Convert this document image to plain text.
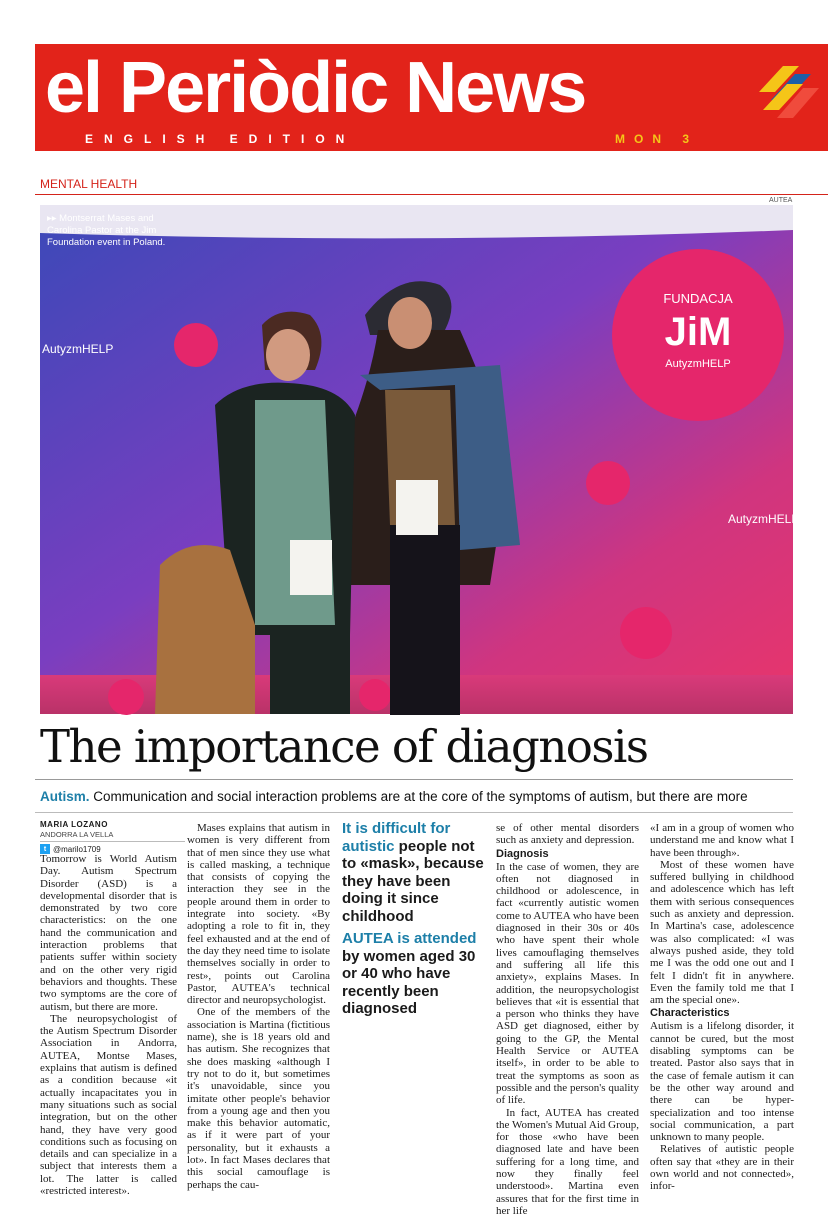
el Periòdic News
ENGLISH EDITION	MON 3
MENTAL HEALTH
AUTEA
FUNDACJA
JiM
AutyzmHELP
AutyzmHELP
AutyzmHELP
▸▸ Montserrat Mases and
Carolina Pastor at the Jim
Foundation event in Poland.
The importance of diagnosis
Autism. Communication and social interaction problems are at the core of the symptoms of autism, but there are more
MARIA LOZANO
ANDORRA LA VELLA
t @marilo1709

Tomorrow is World Autism Day. Autism Spectrum Disorder (ASD) is a developmental disorder that is demonstrated by two core characteristics: on the one hand the communication and interaction problems that patients suffer within society and on the other very rigid behaviors and thoughts. These two symptoms are the core of autism, but there are more.

The neuropsychologist of the Autism Spectrum Disorder Association in Andorra, AUTEA, Montse Mases, explains that autism is defined as a condition because «it actually incapacitates you in many situations such as social integration, but on the other hand, they have very good conditions such as focusing on details and can specialize in a subject that interests them a lot. The latter is called «restricted interest».

Mases explains that autism in women is very different from that of men since they use what is called masking, a technique that consists of copying the interaction they see in the people around them in order to integrate into society. «By adopting a role to fit in, they feel exhausted and at the end of the day they need time to isolate themselves socially in order to rest», points out Carolina Pastor, AUTEA's technical director and neuropsychologist.

One of the members of the association is Martina (fictitious name), she is 18 years old and has autism. She recognizes that she does masking «although I try not to do it, but sometimes it's unavoidable, since you imitate other people's behavior from a young age and then you make this behavior automatic, as if it were part of your personality, but it exhausts a lot». In fact Mases declares that this social camouflage is perhaps the cau-

It is difficult for autistic people not to «mask», because they have been doing it since childhood
AUTEA is attended by women aged 30 or 40 who have recently been diagnosed

se of other mental disorders such as anxiety and depression.

Diagnosis

In the case of women, they are often not diagnosed in childhood or adolescence, in fact «currently autistic women come to AUTEA who have been diagnosed in their 30s or 40s who have spent their whole lives camouflaging themselves and suffering all life this anxiety», explains Mases. In addition, the neuropsychologist believes that «it is essential that a person who thinks they have ASD get diagnosed, either by going to the GP, the Mental Health Service or AUTEA itself», in order to be able to treat the symptoms as soon as possible and the person's quality of life.

In fact, AUTEA has created the Women's Mutual Aid Group, for those «who have been diagnosed late and have been suffering for a long time, and now they finally feel understood». Martina even assures that for the first time in her life

«I am in a group of women who understand me and know what I have been through».

Most of these women have suffered bullying in childhood and adolescence which has left them with serious consequences such as anxiety and depression. In Martina's case, adolescence was also complicated: «I was always pushed aside, they told me I was the odd one out and I felt I didn't fit in anywhere. Even the family told me that I am the special one».

Characteristics

Autism is a lifelong disorder, it cannot be cured, but the most disabling symptoms can be treated. Pastor also says that in the case of female autism it can be the other way around and there can be hyper-specialization and too intense social communication, a part unknown to many people.

Relatives of autistic people often say that «they are in their own world and not connected», infor-
